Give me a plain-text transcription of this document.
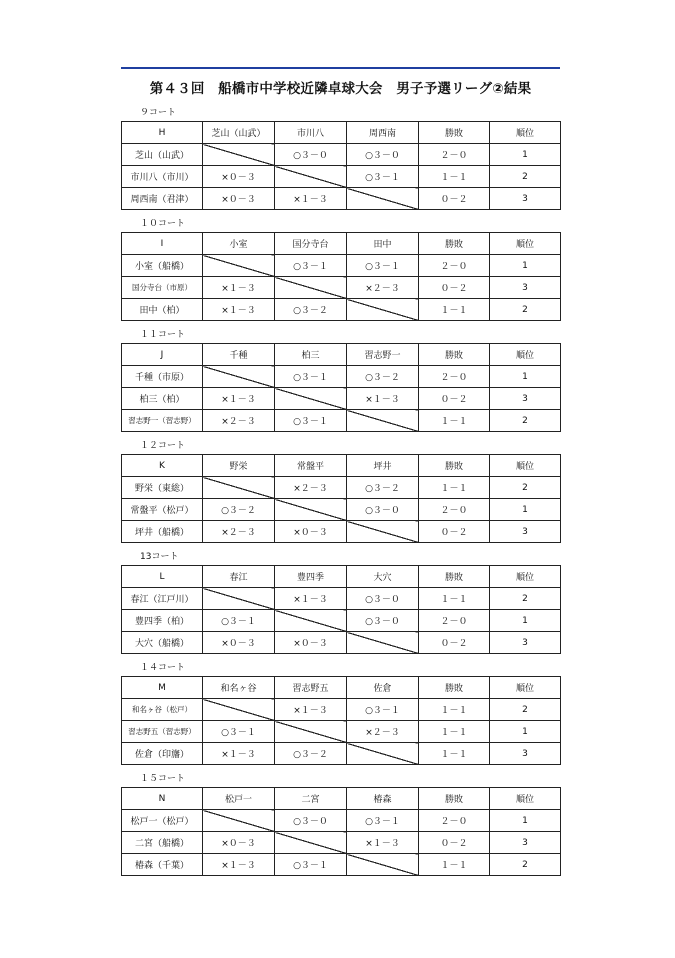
第４３回　船橋市中学校近隣卓球大会　男子予選リーグ②結果
９コート
H	芝山（山武）	市川八	周西南	勝敗	順位
芝山（山武）		○３－０	○３－０	２－０	1
市川八（市川）	×０－３		○３－１	１－１	2
周西南（君津）	×０－３	×１－３		０－２	3
１０コート
I	小室	国分寺台	田中	勝敗	順位
小室（船橋）		○３－１	○３－１	２－０	1
国分寺台（市原）	×１－３		×２－３	０－２	3
田中（柏）	×１－３	○３－２		１－１	2
１１コート
J	千種	柏三	習志野一	勝敗	順位
千種（市原）		○３－１	○３－２	２－０	1
柏三（柏）	×１－３		×１－３	０－２	3
習志野一（習志野）	×２－３	○３－１		１－１	2
１２コート
K	野栄	常盤平	坪井	勝敗	順位
野栄（東総）		×２－３	○３－２	１－１	2
常盤平（松戸）	○３－２		○３－０	２－０	1
坪井（船橋）	×２－３	×０－３		０－２	3
13コート
L	春江	豊四季	大穴	勝敗	順位
春江（江戸川）		×１－３	○３－０	１－１	2
豊四季（柏）	○３－１		○３－０	２－０	1
大穴（船橋）	×０－３	×０－３		０－２	3
１４コート
M	和名ヶ谷	習志野五	佐倉	勝敗	順位
和名ヶ谷（松戸）		×１－３	○３－１	１－１	2
習志野五（習志野）	○３－１		×２－３	１－１	1
佐倉（印旛）	×１－３	○３－２		１－１	3
１５コート
N	松戸一	二宮	椿森	勝敗	順位
松戸一（松戸）		○３－０	○３－１	２－０	1
二宮（船橋）	×０－３		×１－３	０－２	3
椿森（千葉）	×１－３	○３－１		１－１	2
